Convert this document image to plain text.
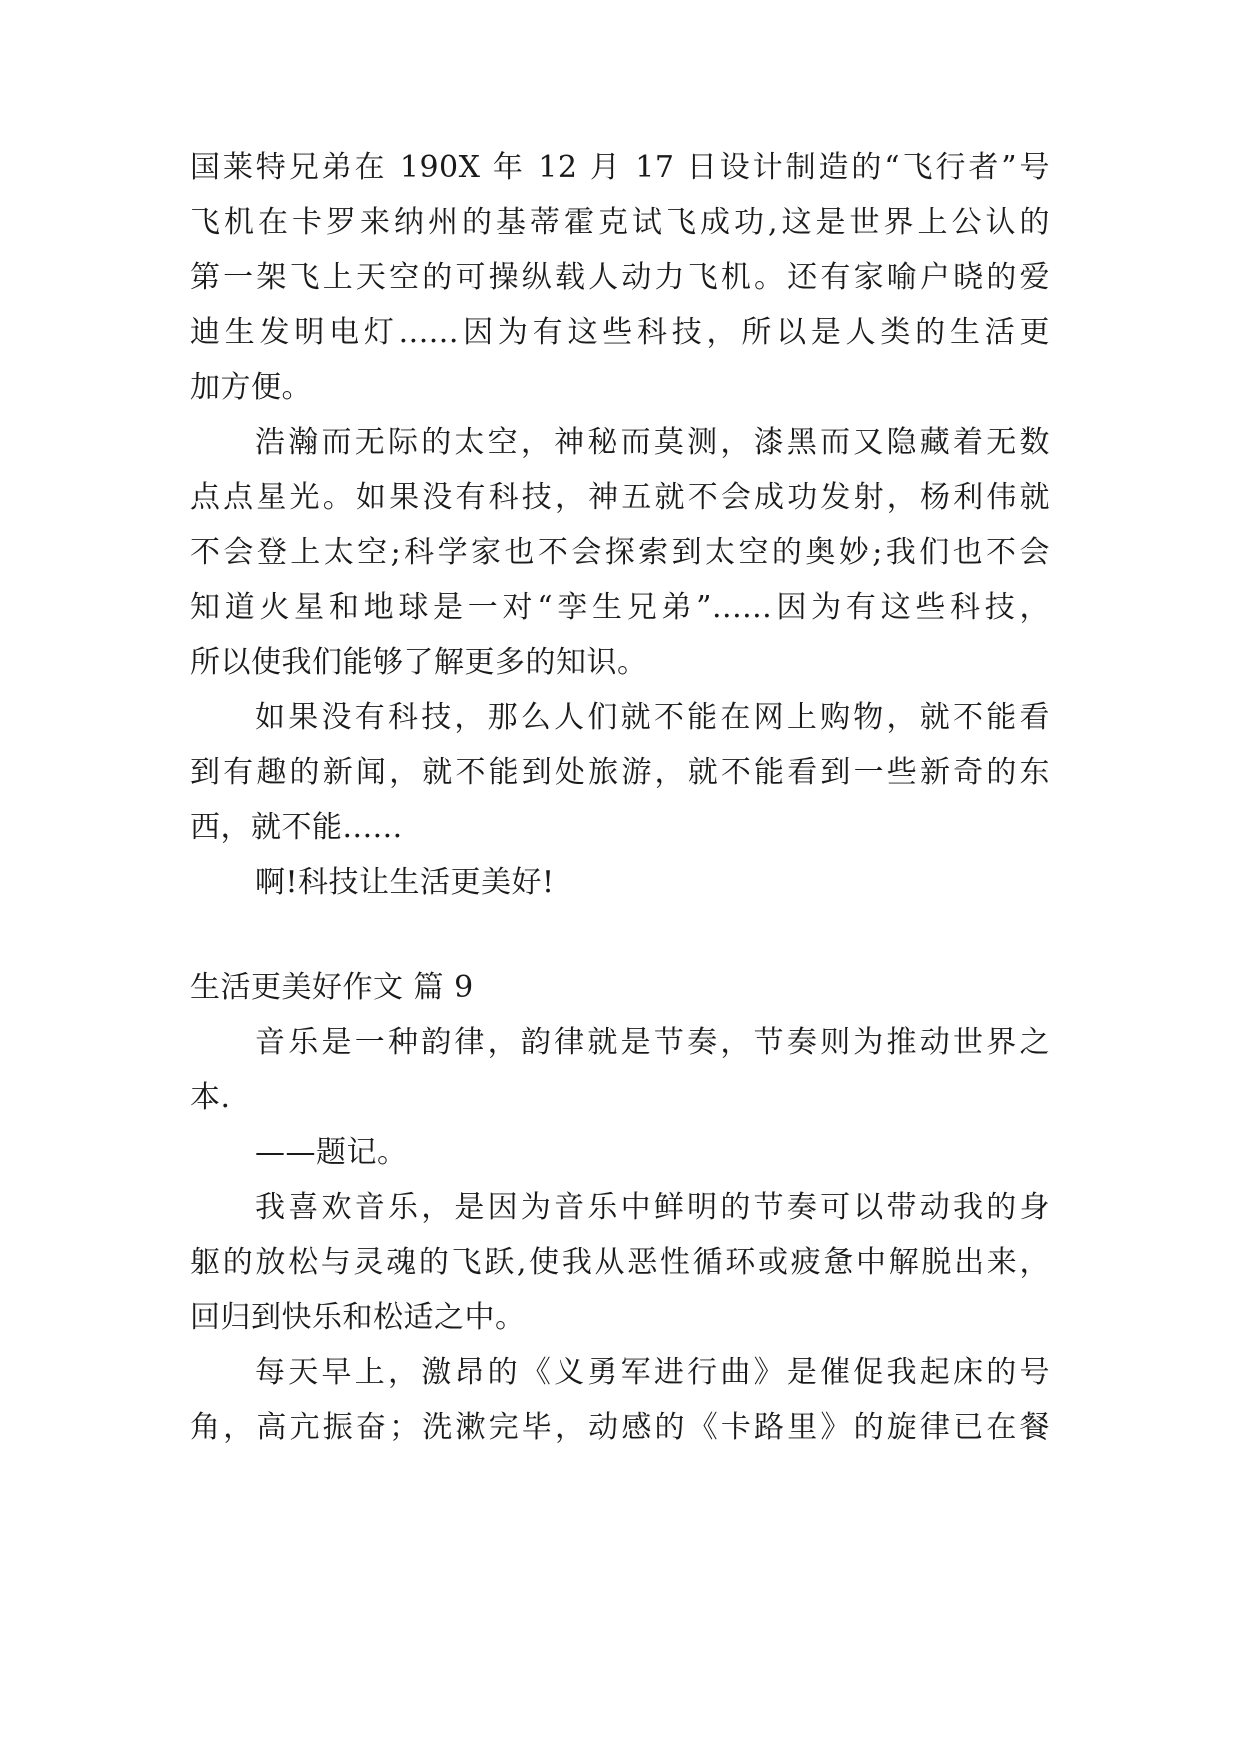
国莱特兄弟在 190X 年 12 月 17 日设计制造的“飞行者”号
飞机在卡罗来纳州的基蒂霍克试飞成功,这是世界上公认的
第一架飞上天空的可操纵载人动力飞机。还有家喻户晓的爱
迪生发明电灯......因为有这些科技，所以是人类的生活更
加方便。
浩瀚而无际的太空，神秘而莫测，漆黑而又隐藏着无数
点点星光。如果没有科技，神五就不会成功发射，杨利伟就
不会登上太空;科学家也不会探索到太空的奥妙;我们也不会
知道火星和地球是一对“孪生兄弟”......因为有这些科技，
所以使我们能够了解更多的知识。
如果没有科技，那么人们就不能在网上购物，就不能看
到有趣的新闻，就不能到处旅游，就不能看到一些新奇的东
西，就不能......
啊!科技让生活更美好!
生活更美好作文 篇 9
音乐是一种韵律，韵律就是节奏，节奏则为推动世界之
本.
——题记。
我喜欢音乐，是因为音乐中鲜明的节奏可以带动我的身
躯的放松与灵魂的飞跃,使我从恶性循环或疲惫中解脱出来，
回归到快乐和松适之中。
每天早上，激昂的《义勇军进行曲》是催促我起床的号
角，高亢振奋；洗漱完毕，动感的《卡路里》的旋律已在餐
